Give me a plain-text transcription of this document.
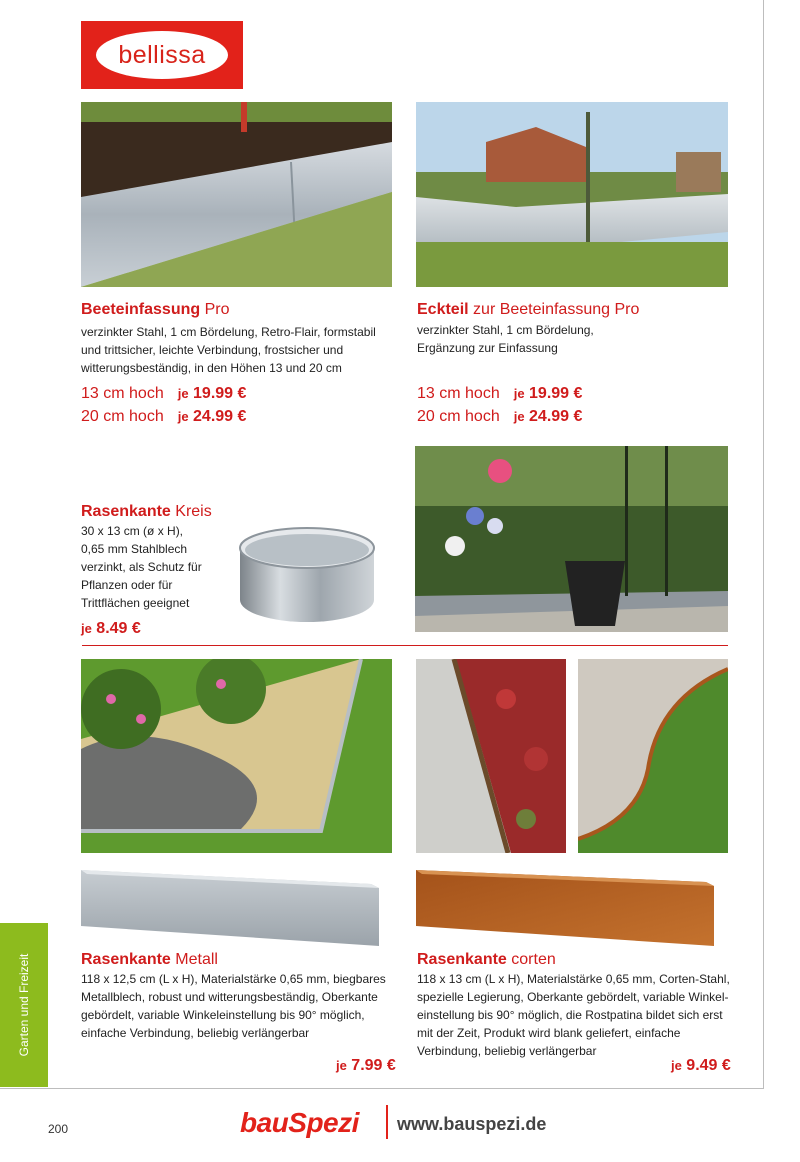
bellissa
Beeteinfassung Pro
verzinkter Stahl, 1 cm Bördelung, Retro-Flair, formstabil
und trittsicher, leichte Verbindung, frostsicher und
witterungsbeständig, in den Höhen 13 und 20 cm
13 cm hoch je 19.99 €
20 cm hoch je 24.99 €
Eckteil zur Beeteinfassung Pro
verzinkter Stahl, 1 cm Bördelung,
Ergänzung zur Einfassung
13 cm hoch je 19.99 €
20 cm hoch je 24.99 €
Rasenkante Kreis
30 x 13 cm (ø x H),
0,65 mm Stahlblech
verzinkt, als Schutz für
Pflanzen oder für
Trittflächen geeignet
je 8.49 €
Rasenkante Metall
118 x 12,5 cm (L x H), Materialstärke 0,65 mm, biegbares
Metallblech, robust und witterungsbeständig, Oberkante
gebördelt, variable Winkeleinstellung bis 90° möglich,
einfache Verbindung, beliebig verlängerbar
je 7.99 €
Rasenkante corten
118 x 13 cm (L x H), Materialstärke 0,65 mm, Corten-Stahl,
spezielle Legierung, Oberkante gebördelt, variable Winkel-
einstellung bis 90° möglich, die Rostpatina bildet sich erst
mit der Zeit, Produkt wird blank geliefert, einfache
Verbindung, beliebig verlängerbar
je 9.49 €
Garten und Freizeit
200	bauSpezi www.bauspezi.de
